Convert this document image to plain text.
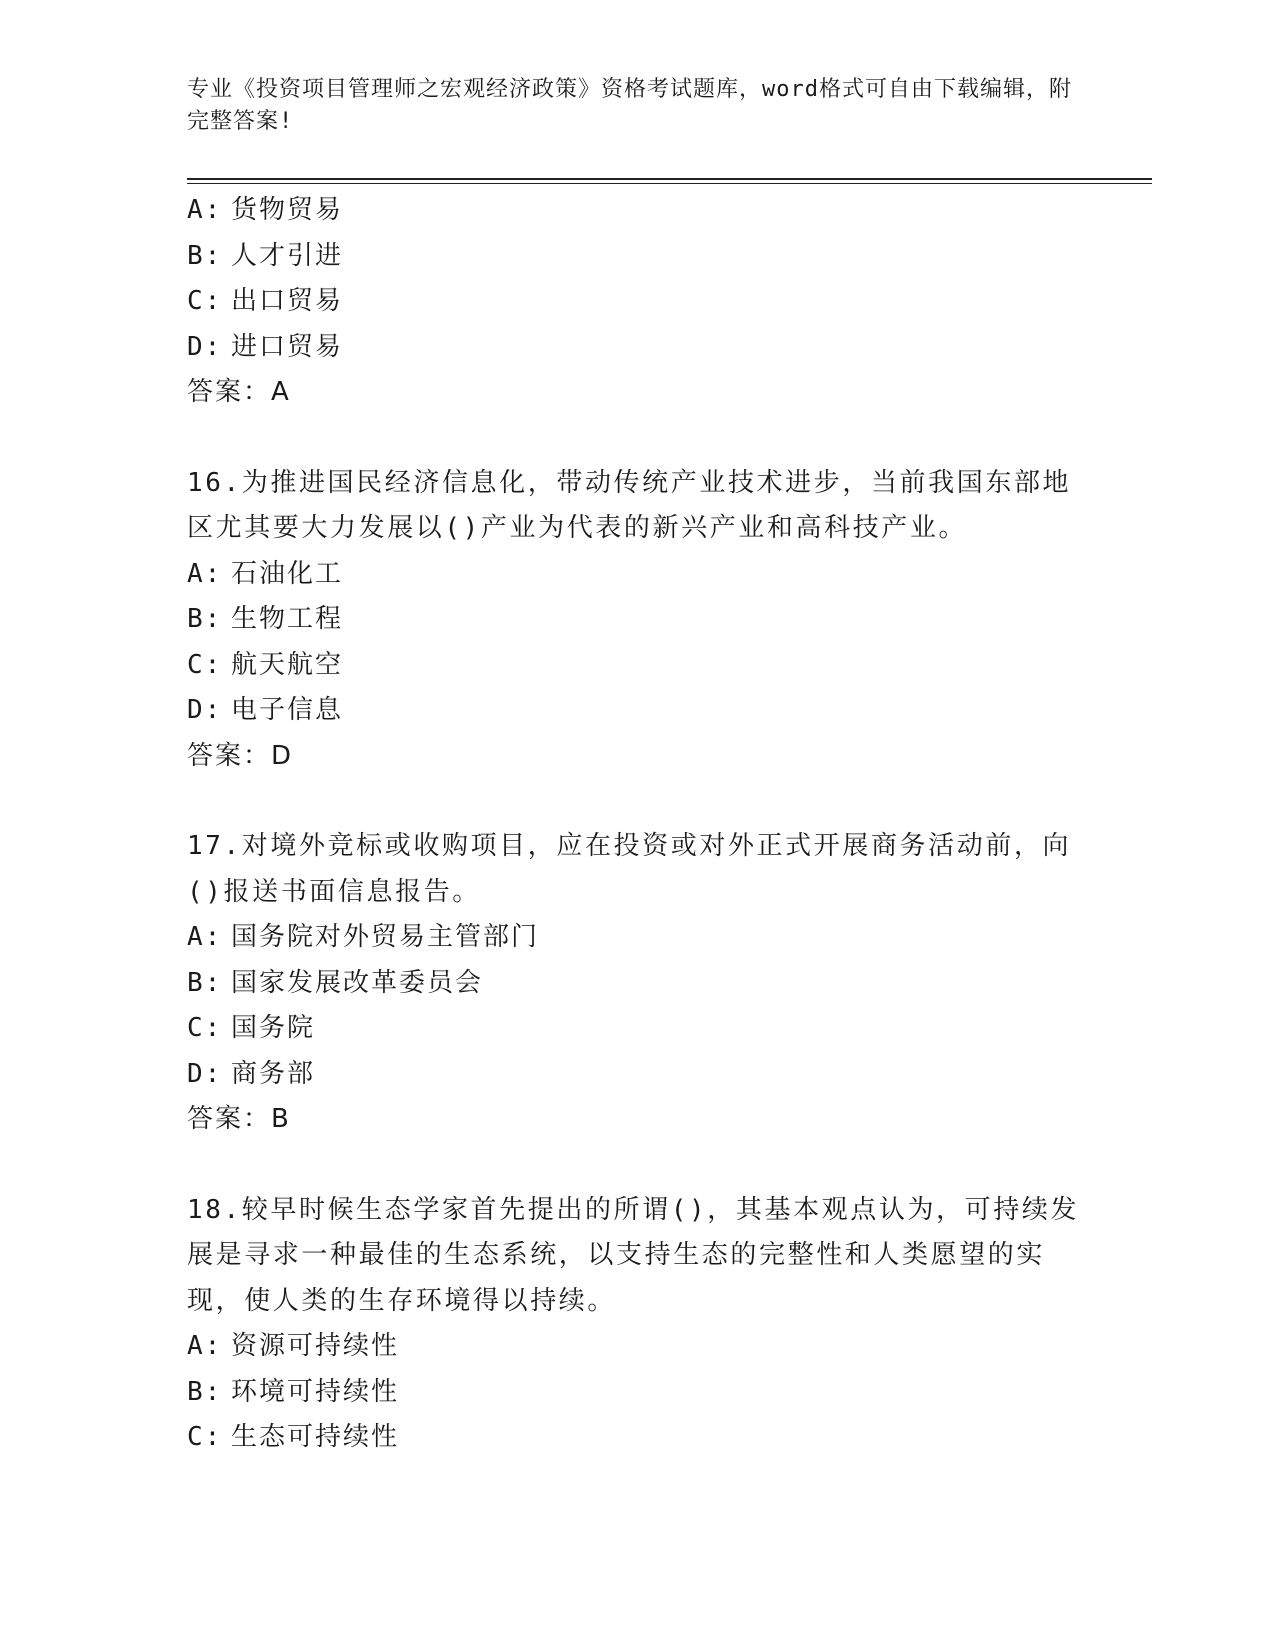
专业《投资项目管理师之宏观经济政策》资格考试题库，word格式可自由下载编辑，附完整答案!
A: 货物贸易
B: 人才引进
C: 出口贸易
D: 进口贸易
答案：A
16.为推进国民经济信息化，带动传统产业技术进步，当前我国东部地区尤其要大力发展以()产业为代表的新兴产业和高科技产业。
A: 石油化工
B: 生物工程
C: 航天航空
D: 电子信息
答案：D
17.对境外竞标或收购项目，应在投资或对外正式开展商务活动前，向()报送书面信息报告。
A: 国务院对外贸易主管部门
B: 国家发展改革委员会
C: 国务院
D: 商务部
答案：B
18.较早时候生态学家首先提出的所谓()，其基本观点认为，可持续发展是寻求一种最佳的生态系统，以支持生态的完整性和人类愿望的实现，使人类的生存环境得以持续。
A: 资源可持续性
B: 环境可持续性
C: 生态可持续性
